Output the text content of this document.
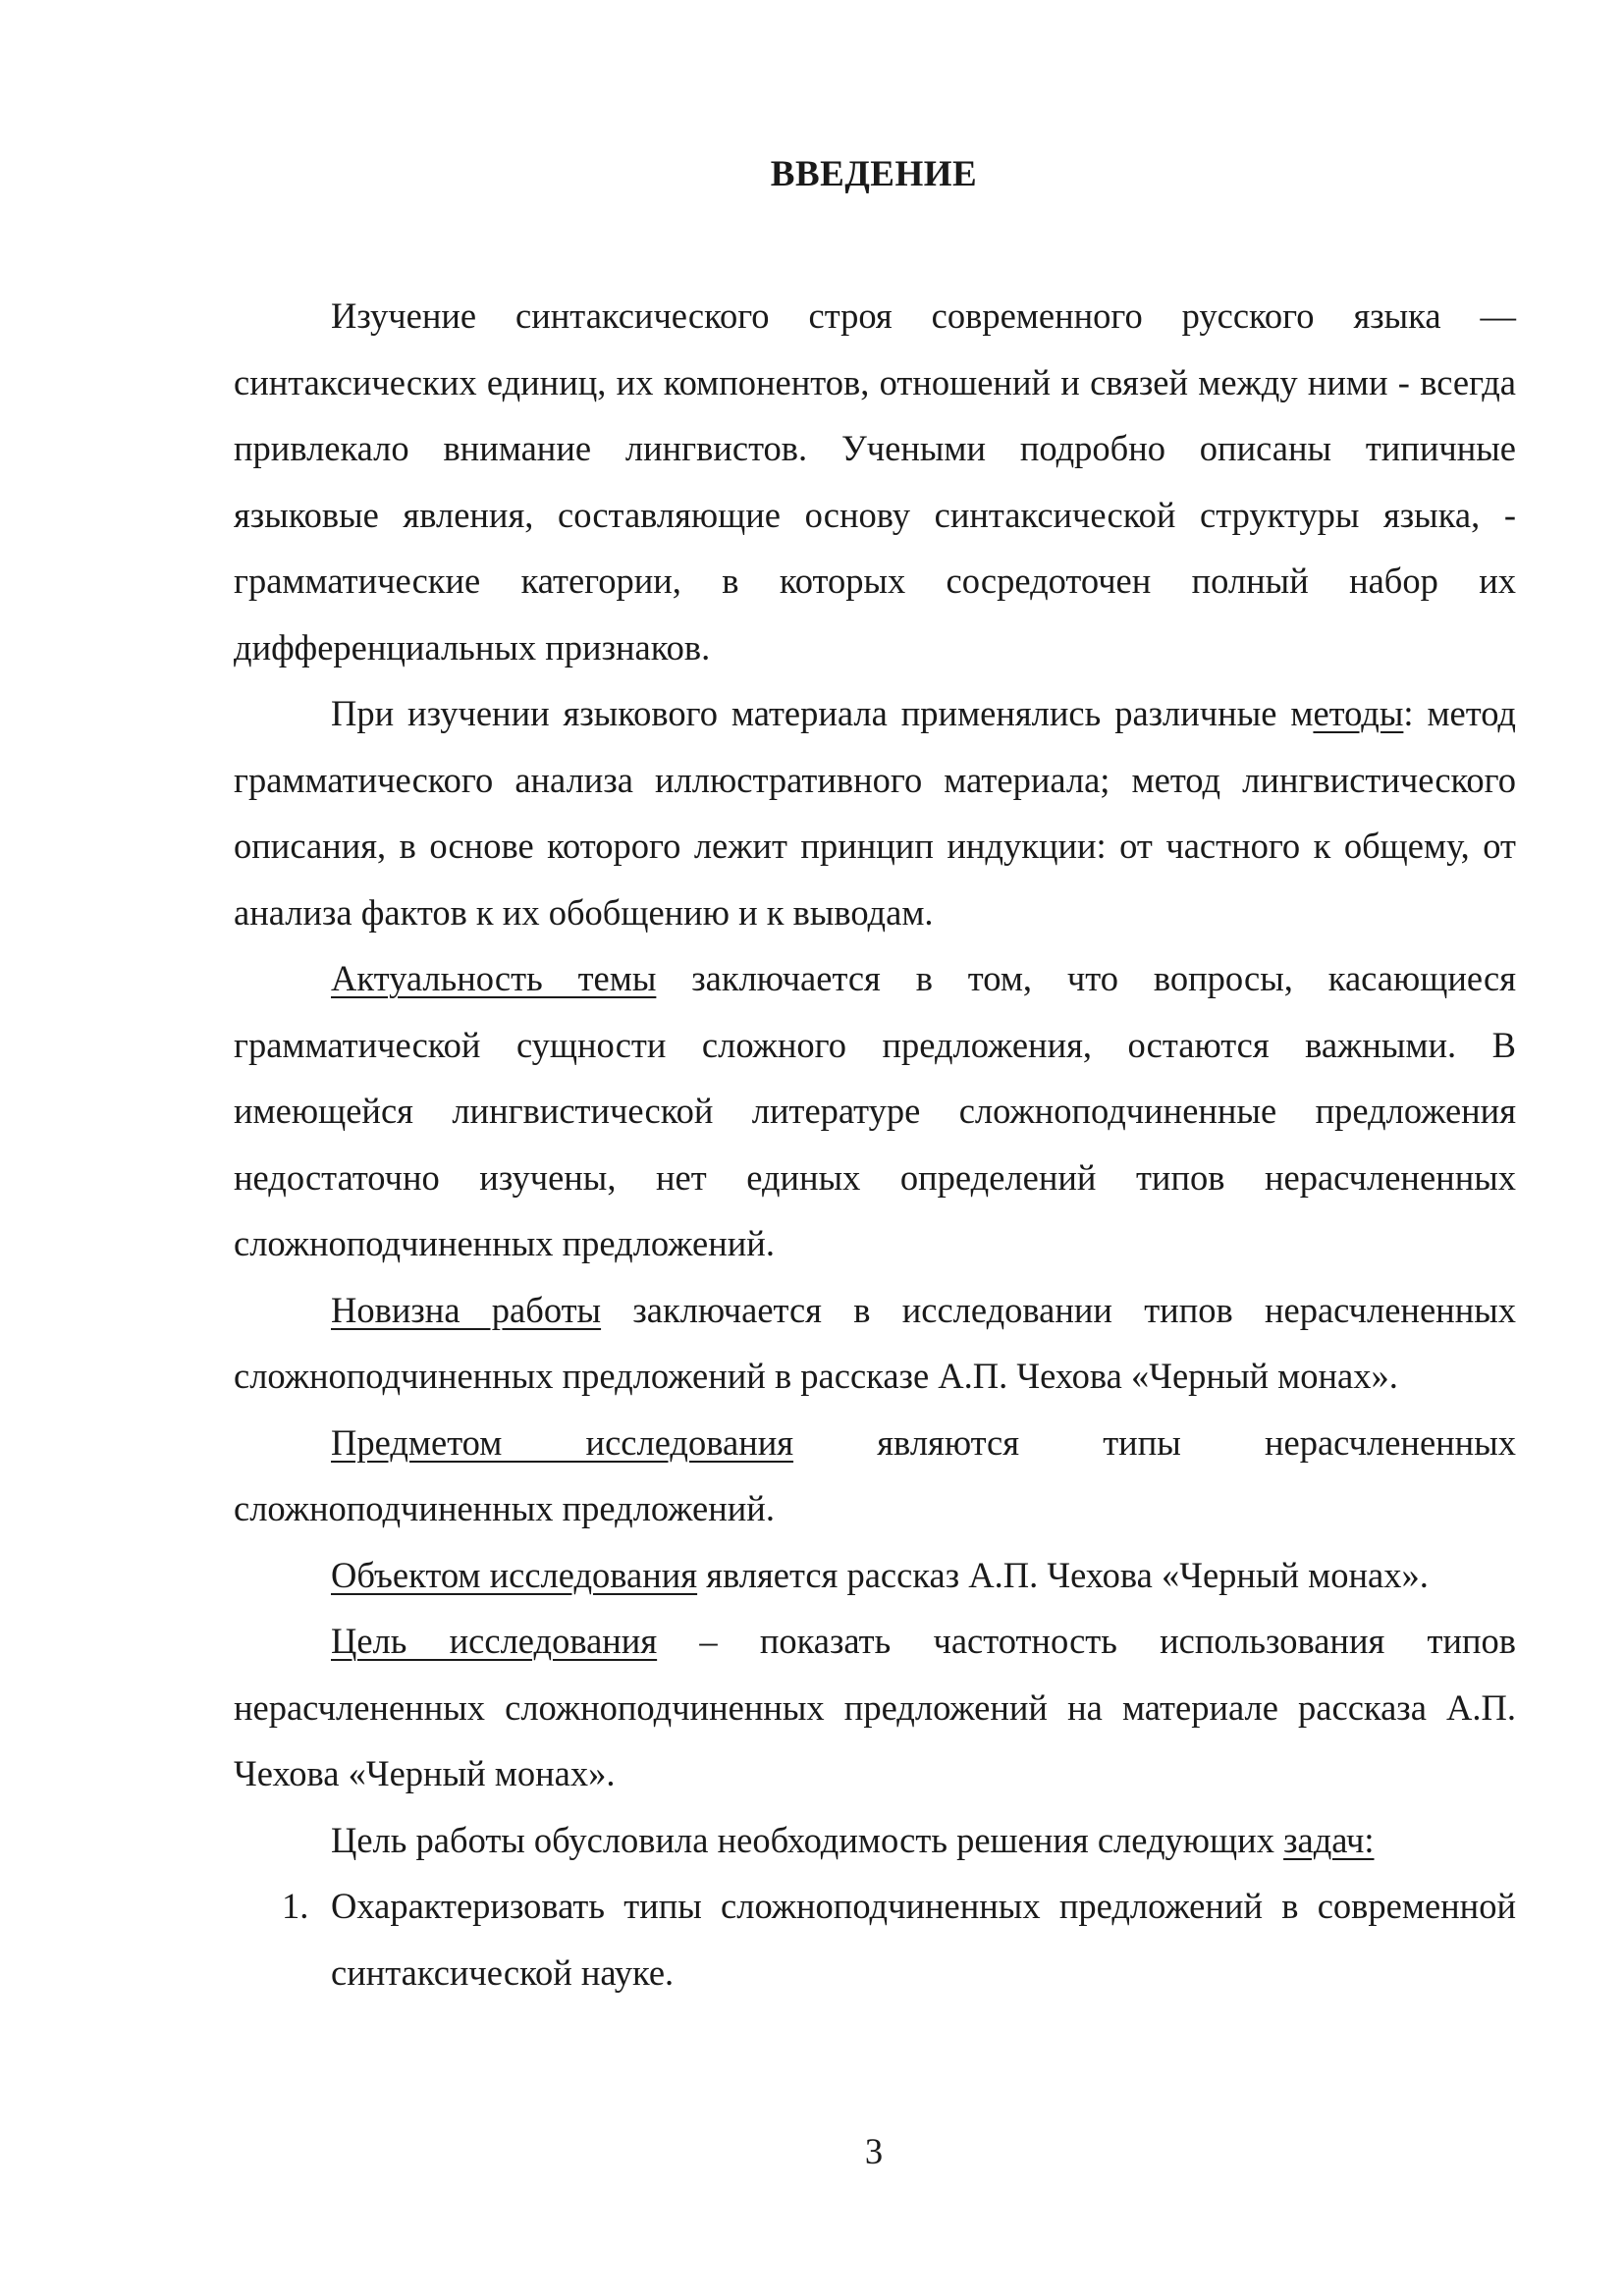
ВВЕДЕНИЕ

Изучение синтаксического строя современного русского языка — синтаксических единиц, их компонентов, отношений и связей между ними - всегда привлекало внимание лингвистов. Учеными подробно описаны типичные языковые явления, составляющие основу синтаксической структуры языка, - грамматические категории, в которых сосредоточен полный набор их дифференциальных признаков.

При изучении языкового материала применялись различные методы: метод грамматического анализа иллюстративного материала; метод лингвистического описания, в основе которого лежит принцип индукции: от частного к общему, от анализа фактов к их обобщению и к выводам.

Актуальность темы заключается в том, что вопросы, касающиеся грамматической сущности сложного предложения, остаются важными. В имеющейся лингвистической литературе сложноподчиненные предложения недостаточно изучены, нет единых определений типов нерасчлененных сложноподчиненных предложений.

Новизна работы заключается в исследовании типов нерасчлененных сложноподчиненных предложений в рассказе А.П. Чехова «Черный монах».

Предметом исследования являются типы нерасчлененных сложноподчиненных предложений.

Объектом исследования является рассказ А.П. Чехова «Черный монах».

Цель исследования – показать частотность использования типов нерасчлененных сложноподчиненных предложений на материале рассказа А.П. Чехова «Черный монах».

Цель работы обусловила необходимость решения следующих задач:

1. Охарактеризовать типы сложноподчиненных предложений в современной синтаксической науке.
3
